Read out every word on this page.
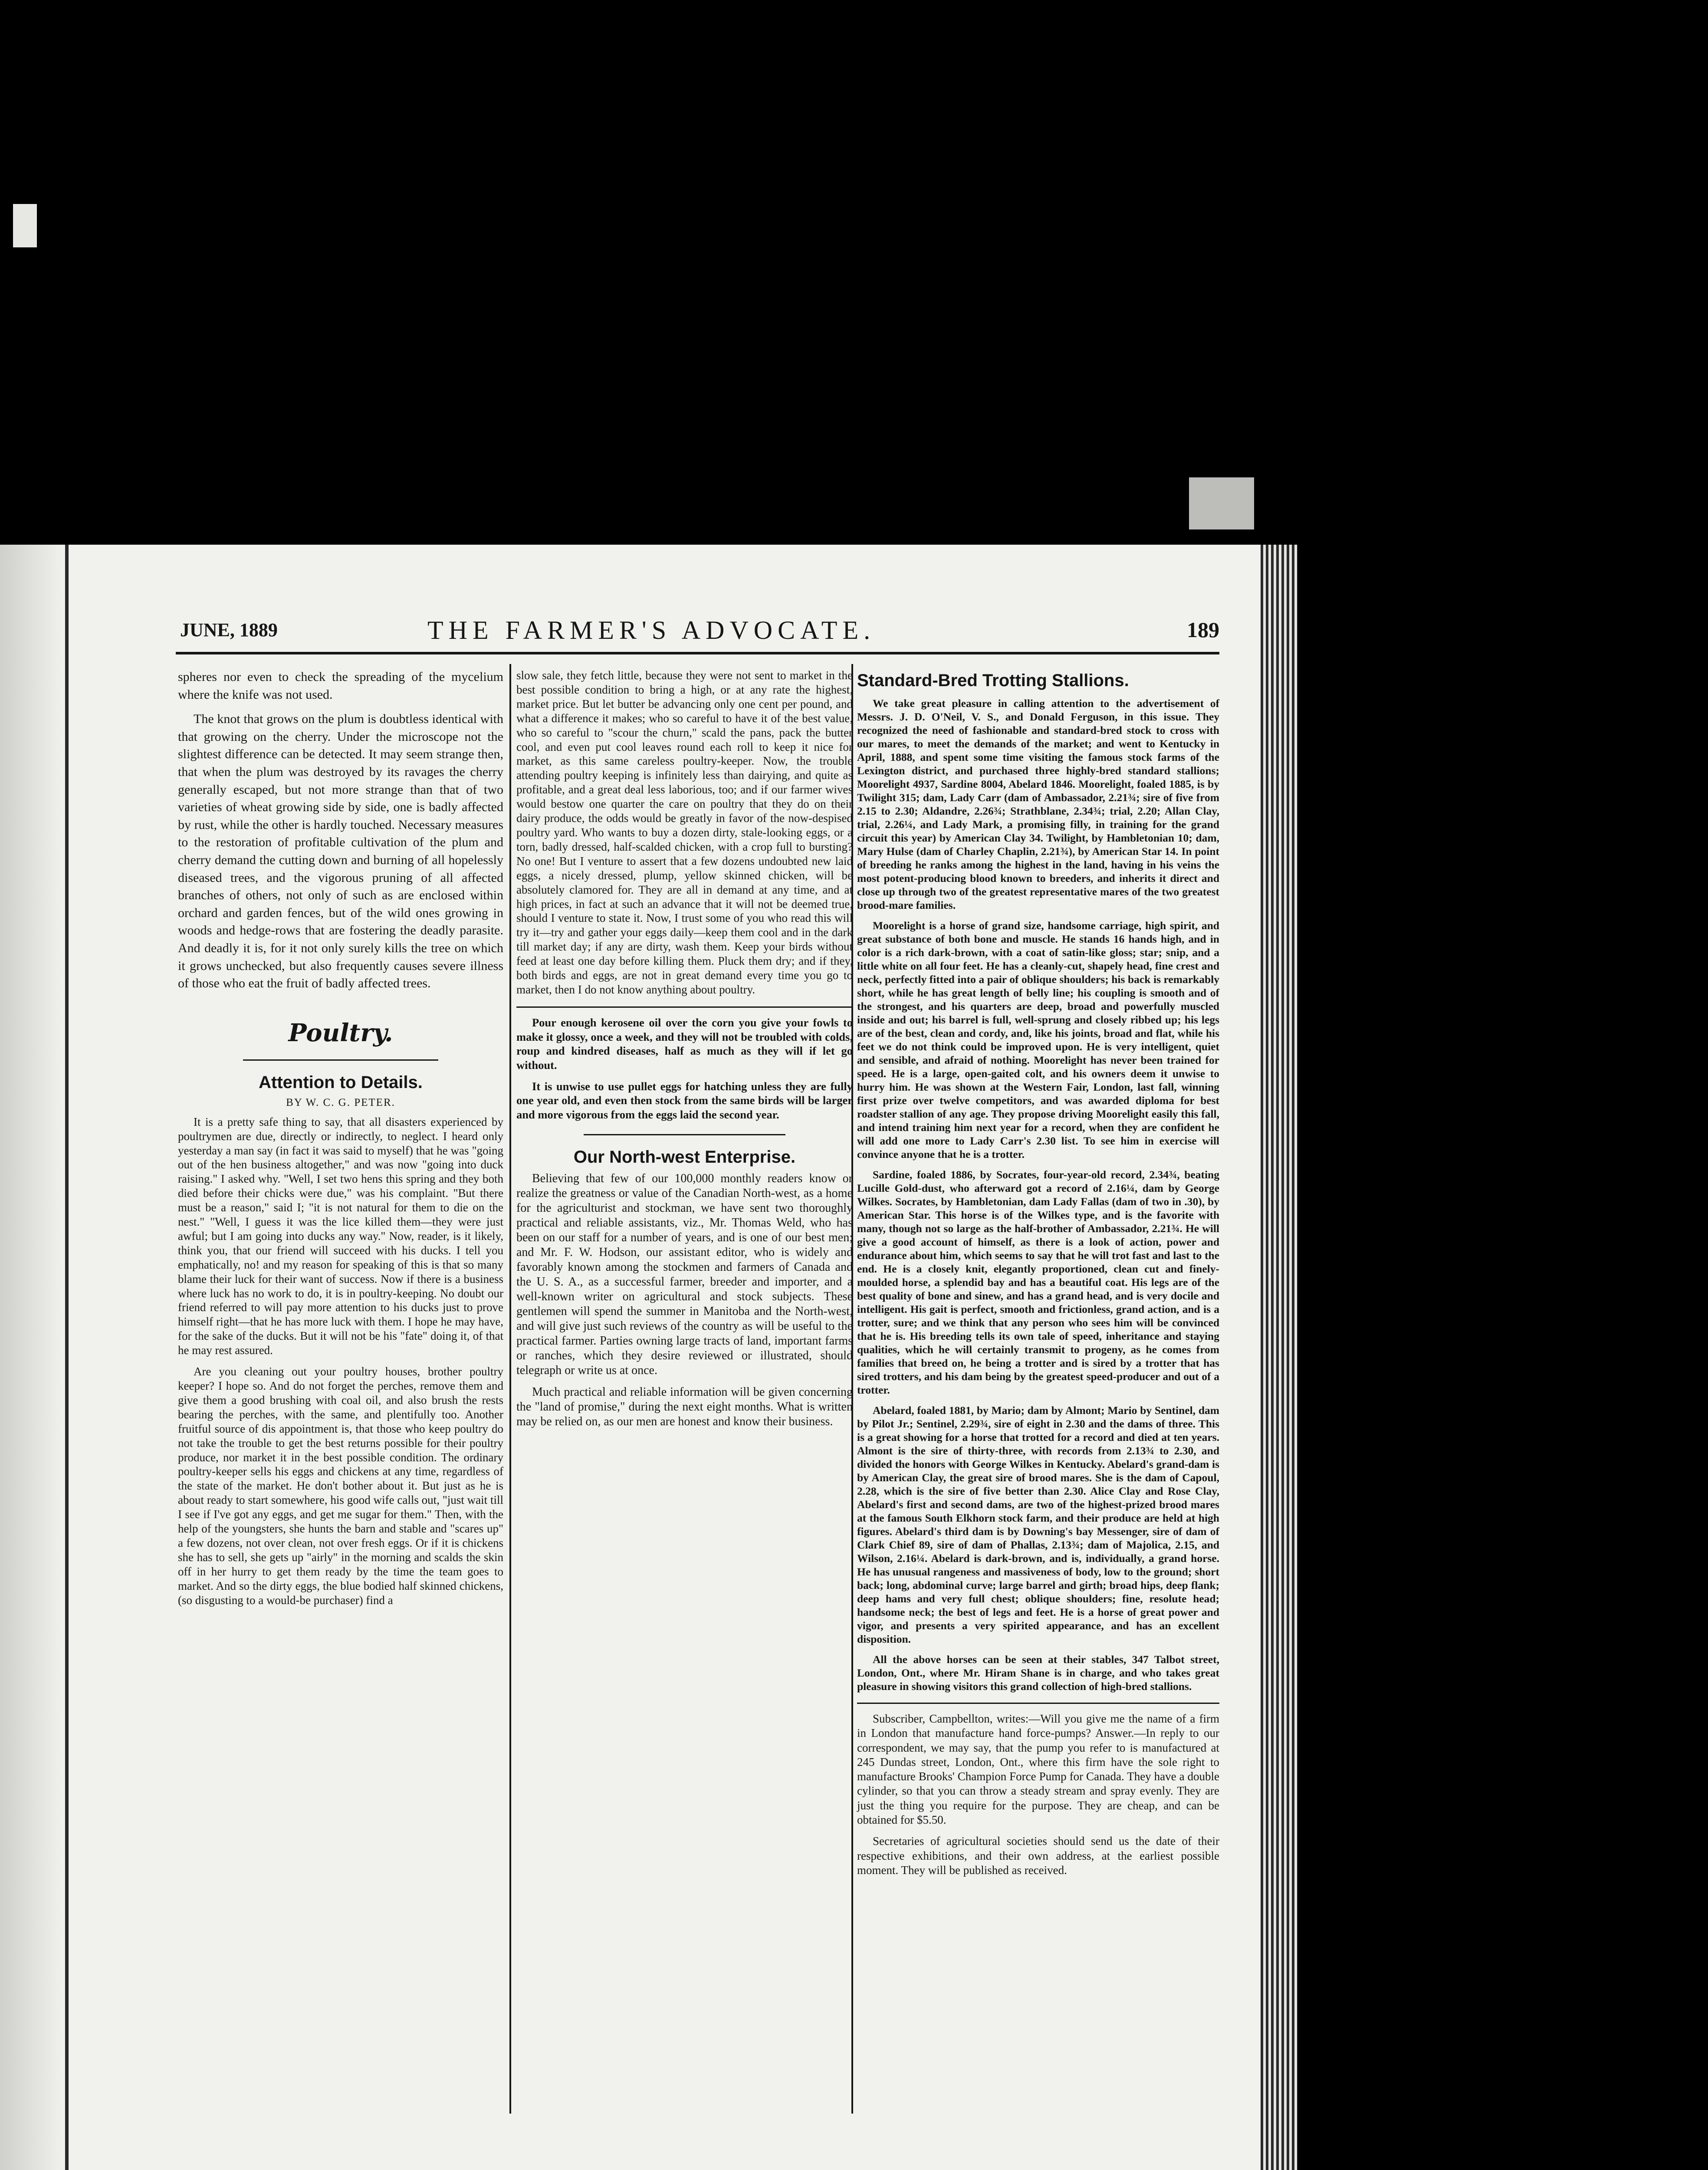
JUNE, 1889	THE FARMER'S ADVOCATE.	189

spheres nor even to check the spreading of the mycelium where the knife was not used.

The knot that grows on the plum is doubtless identical with that growing on the cherry. Under the microscope not the slightest difference can be detected. It may seem strange then, that when the plum was destroyed by its ravages the cherry generally escaped, but not more strange than that of two varieties of wheat growing side by side, one is badly affected by rust, while the other is hardly touched. Necessary measures to the restoration of profitable cultivation of the plum and cherry demand the cutting down and burning of all hopelessly diseased trees, and the vigorous pruning of all affected branches of others, not only of such as are enclosed within orchard and garden fences, but of the wild ones growing in woods and hedge-rows that are fostering the deadly parasite. And deadly it is, for it not only surely kills the tree on which it grows unchecked, but also frequently causes severe illness of those who eat the fruit of badly affected trees.

Poultry.
Attention to Details.
BY W. C. G. PETER.

It is a pretty safe thing to say, that all disasters experienced by poultrymen are due, directly or indirectly, to neglect. I heard only yesterday a man say (in fact it was said to myself) that he was "going out of the hen business altogether," and was now "going into duck raising." I asked why. "Well, I set two hens this spring and they both died before their chicks were due," was his complaint. "But there must be a reason," said I; "it is not natural for them to die on the nest." "Well, I guess it was the lice killed them—they were just awful; but I am going into ducks any way." Now, reader, is it likely, think you, that our friend will succeed with his ducks. I tell you emphatically, no! and my reason for speaking of this is that so many blame their luck for their want of success. Now if there is a business where luck has no work to do, it is in poultry-keeping. No doubt our friend referred to will pay more attention to his ducks just to prove himself right—that he has more luck with them. I hope he may have, for the sake of the ducks. But it will not be his "fate" doing it, of that he may rest assured.

Are you cleaning out your poultry houses, brother poultry keeper? I hope so. And do not forget the perches, remove them and give them a good brushing with coal oil, and also brush the rests bearing the perches, with the same, and plentifully too. Another fruitful source of dis appointment is, that those who keep poultry do not take the trouble to get the best returns possible for their poultry produce, nor market it in the best possible condition. The ordinary poultry-keeper sells his eggs and chickens at any time, regardless of the state of the market. He don't bother about it. But just as he is about ready to start somewhere, his good wife calls out, "just wait till I see if I've got any eggs, and get me sugar for them." Then, with the help of the youngsters, she hunts the barn and stable and "scares up" a few dozens, not over clean, not over fresh eggs. Or if it is chickens she has to sell, she gets up "airly" in the morning and scalds the skin off in her hurry to get them ready by the time the team goes to market. And so the dirty eggs, the blue bodied half skinned chickens, (so disgusting to a would-be purchaser) find a

slow sale, they fetch little, because they were not sent to market in the best possible condition to bring a high, or at any rate the highest, market price. But let butter be advancing only one cent per pound, and what a difference it makes; who so careful to have it of the best value, who so careful to "scour the churn," scald the pans, pack the butter cool, and even put cool leaves round each roll to keep it nice for market, as this same careless poultry-keeper. Now, the trouble attending poultry keeping is infinitely less than dairying, and quite as profitable, and a great deal less laborious, too; and if our farmer wives would bestow one quarter the care on poultry that they do on their dairy produce, the odds would be greatly in favor of the now-despised poultry yard. Who wants to buy a dozen dirty, stale-looking eggs, or a torn, badly dressed, half-scalded chicken, with a crop full to bursting? No one! But I venture to assert that a few dozens undoubted new laid eggs, a nicely dressed, plump, yellow skinned chicken, will be absolutely clamored for. They are all in demand at any time, and at high prices, in fact at such an advance that it will not be deemed true, should I venture to state it. Now, I trust some of you who read this will try it—try and gather your eggs daily—keep them cool and in the dark till market day; if any are dirty, wash them. Keep your birds without feed at least one day before killing them. Pluck them dry; and if they, both birds and eggs, are not in great demand every time you go to market, then I do not know anything about poultry.

Pour enough kerosene oil over the corn you give your fowls to make it glossy, once a week, and they will not be troubled with colds, roup and kindred diseases, half as much as they will if let go without.

It is unwise to use pullet eggs for hatching unless they are fully one year old, and even then stock from the same birds will be larger and more vigorous from the eggs laid the second year.

Our North-west Enterprise.

Believing that few of our 100,000 monthly readers know or realize the greatness or value of the Canadian North-west, as a home for the agriculturist and stockman, we have sent two thoroughly practical and reliable assistants, viz., Mr. Thomas Weld, who has been on our staff for a number of years, and is one of our best men; and Mr. F. W. Hodson, our assistant editor, who is widely and favorably known among the stockmen and farmers of Canada and the U. S. A., as a successful farmer, breeder and importer, and a well-known writer on agricultural and stock subjects. These gentlemen will spend the summer in Manitoba and the North-west, and will give just such reviews of the country as will be useful to the practical farmer. Parties owning large tracts of land, important farms or ranches, which they desire reviewed or illustrated, should telegraph or write us at once.

Much practical and reliable information will be given concerning the "land of promise," during the next eight months. What is written may be relied on, as our men are honest and know their business.

Standard-Bred Trotting Stallions.

We take great pleasure in calling attention to the advertisement of Messrs. J. D. O'Neil, V. S., and Donald Ferguson, in this issue. They recognized the need of fashionable and standard-bred stock to cross with our mares, to meet the demands of the market; and went to Kentucky in April, 1888, and spent some time visiting the famous stock farms of the Lexington district, and purchased three highly-bred standard stallions; Moorelight 4937, Sardine 8004, Abelard 1846. Moorelight, foaled 1885, is by Twilight 315; dam, Lady Carr (dam of Ambassador, 2.21¾; sire of five from 2.15 to 2.30; Aldandre, 2.26¾; Strathblane, 2.34¾; trial, 2.20; Allan Clay, trial, 2.26¼, and Lady Mark, a promising filly, in training for the grand circuit this year) by American Clay 34. Twilight, by Hambletonian 10; dam, Mary Hulse (dam of Charley Chaplin, 2.21¾), by American Star 14. In point of breeding he ranks among the highest in the land, having in his veins the most potent-producing blood known to breeders, and inherits it direct and close up through two of the greatest representative mares of the two greatest brood-mare families.

Moorelight is a horse of grand size, handsome carriage, high spirit, and great substance of both bone and muscle. He stands 16 hands high, and in color is a rich dark-brown, with a coat of satin-like gloss; star; snip, and a little white on all four feet. He has a cleanly-cut, shapely head, fine crest and neck, perfectly fitted into a pair of oblique shoulders; his back is remarkably short, while he has great length of belly line; his coupling is smooth and of the strongest, and his quarters are deep, broad and powerfully muscled inside and out; his barrel is full, well-sprung and closely ribbed up; his legs are of the best, clean and cordy, and, like his joints, broad and flat, while his feet we do not think could be improved upon. He is very intelligent, quiet and sensible, and afraid of nothing. Moorelight has never been trained for speed. He is a large, open-gaited colt, and his owners deem it unwise to hurry him. He was shown at the Western Fair, London, last fall, winning first prize over twelve competitors, and was awarded diploma for best roadster stallion of any age. They propose driving Moorelight easily this fall, and intend training him next year for a record, when they are confident he will add one more to Lady Carr's 2.30 list. To see him in exercise will convince anyone that he is a trotter.

Sardine, foaled 1886, by Socrates, four-year-old record, 2.34¾, beating Lucille Gold-dust, who afterward got a record of 2.16¼, dam by George Wilkes. Socrates, by Hambletonian, dam Lady Fallas (dam of two in .30), by American Star. This horse is of the Wilkes type, and is the favorite with many, though not so large as the half-brother of Ambassador, 2.21¾. He will give a good account of himself, as there is a look of action, power and endurance about him, which seems to say that he will trot fast and last to the end. He is a closely knit, elegantly proportioned, clean cut and finely-moulded horse, a splendid bay and has a beautiful coat. His legs are of the best quality of bone and sinew, and has a grand head, and is very docile and intelligent. His gait is perfect, smooth and frictionless, grand action, and is a trotter, sure; and we think that any person who sees him will be convinced that he is. His breeding tells its own tale of speed, inheritance and staying qualities, which he will certainly transmit to progeny, as he comes from families that breed on, he being a trotter and is sired by a trotter that has sired trotters, and his dam being by the greatest speed-producer and out of a trotter.

Abelard, foaled 1881, by Mario; dam by Almont; Mario by Sentinel, dam by Pilot Jr.; Sentinel, 2.29¾, sire of eight in 2.30 and the dams of three. This is a great showing for a horse that trotted for a record and died at ten years. Almont is the sire of thirty-three, with records from 2.13¾ to 2.30, and divided the honors with George Wilkes in Kentucky. Abelard's grand-dam is by American Clay, the great sire of brood mares. She is the dam of Capoul, 2.28, which is the sire of five better than 2.30. Alice Clay and Rose Clay, Abelard's first and second dams, are two of the highest-prized brood mares at the famous South Elkhorn stock farm, and their produce are held at high figures. Abelard's third dam is by Downing's bay Messenger, sire of dam of Clark Chief 89, sire of dam of Phallas, 2.13¾; dam of Majolica, 2.15, and Wilson, 2.16¼. Abelard is dark-brown, and is, individually, a grand horse. He has unusual rangeness and massiveness of body, low to the ground; short back; long, abdominal curve; large barrel and girth; broad hips, deep flank; deep hams and very full chest; oblique shoulders; fine, resolute head; handsome neck; the best of legs and feet. He is a horse of great power and vigor, and presents a very spirited appearance, and has an excellent disposition.

All the above horses can be seen at their stables, 347 Talbot street, London, Ont., where Mr. Hiram Shane is in charge, and who takes great pleasure in showing visitors this grand collection of high-bred stallions.

Subscriber, Campbellton, writes:—Will you give me the name of a firm in London that manufacture hand force-pumps? Answer.—In reply to our correspondent, we may say, that the pump you refer to is manufactured at 245 Dundas street, London, Ont., where this firm have the sole right to manufacture Brooks' Champion Force Pump for Canada. They have a double cylinder, so that you can throw a steady stream and spray evenly. They are just the thing you require for the purpose. They are cheap, and can be obtained for $5.50.

Secretaries of agricultural societies should send us the date of their respective exhibitions, and their own address, at the earliest possible moment. They will be published as received.
